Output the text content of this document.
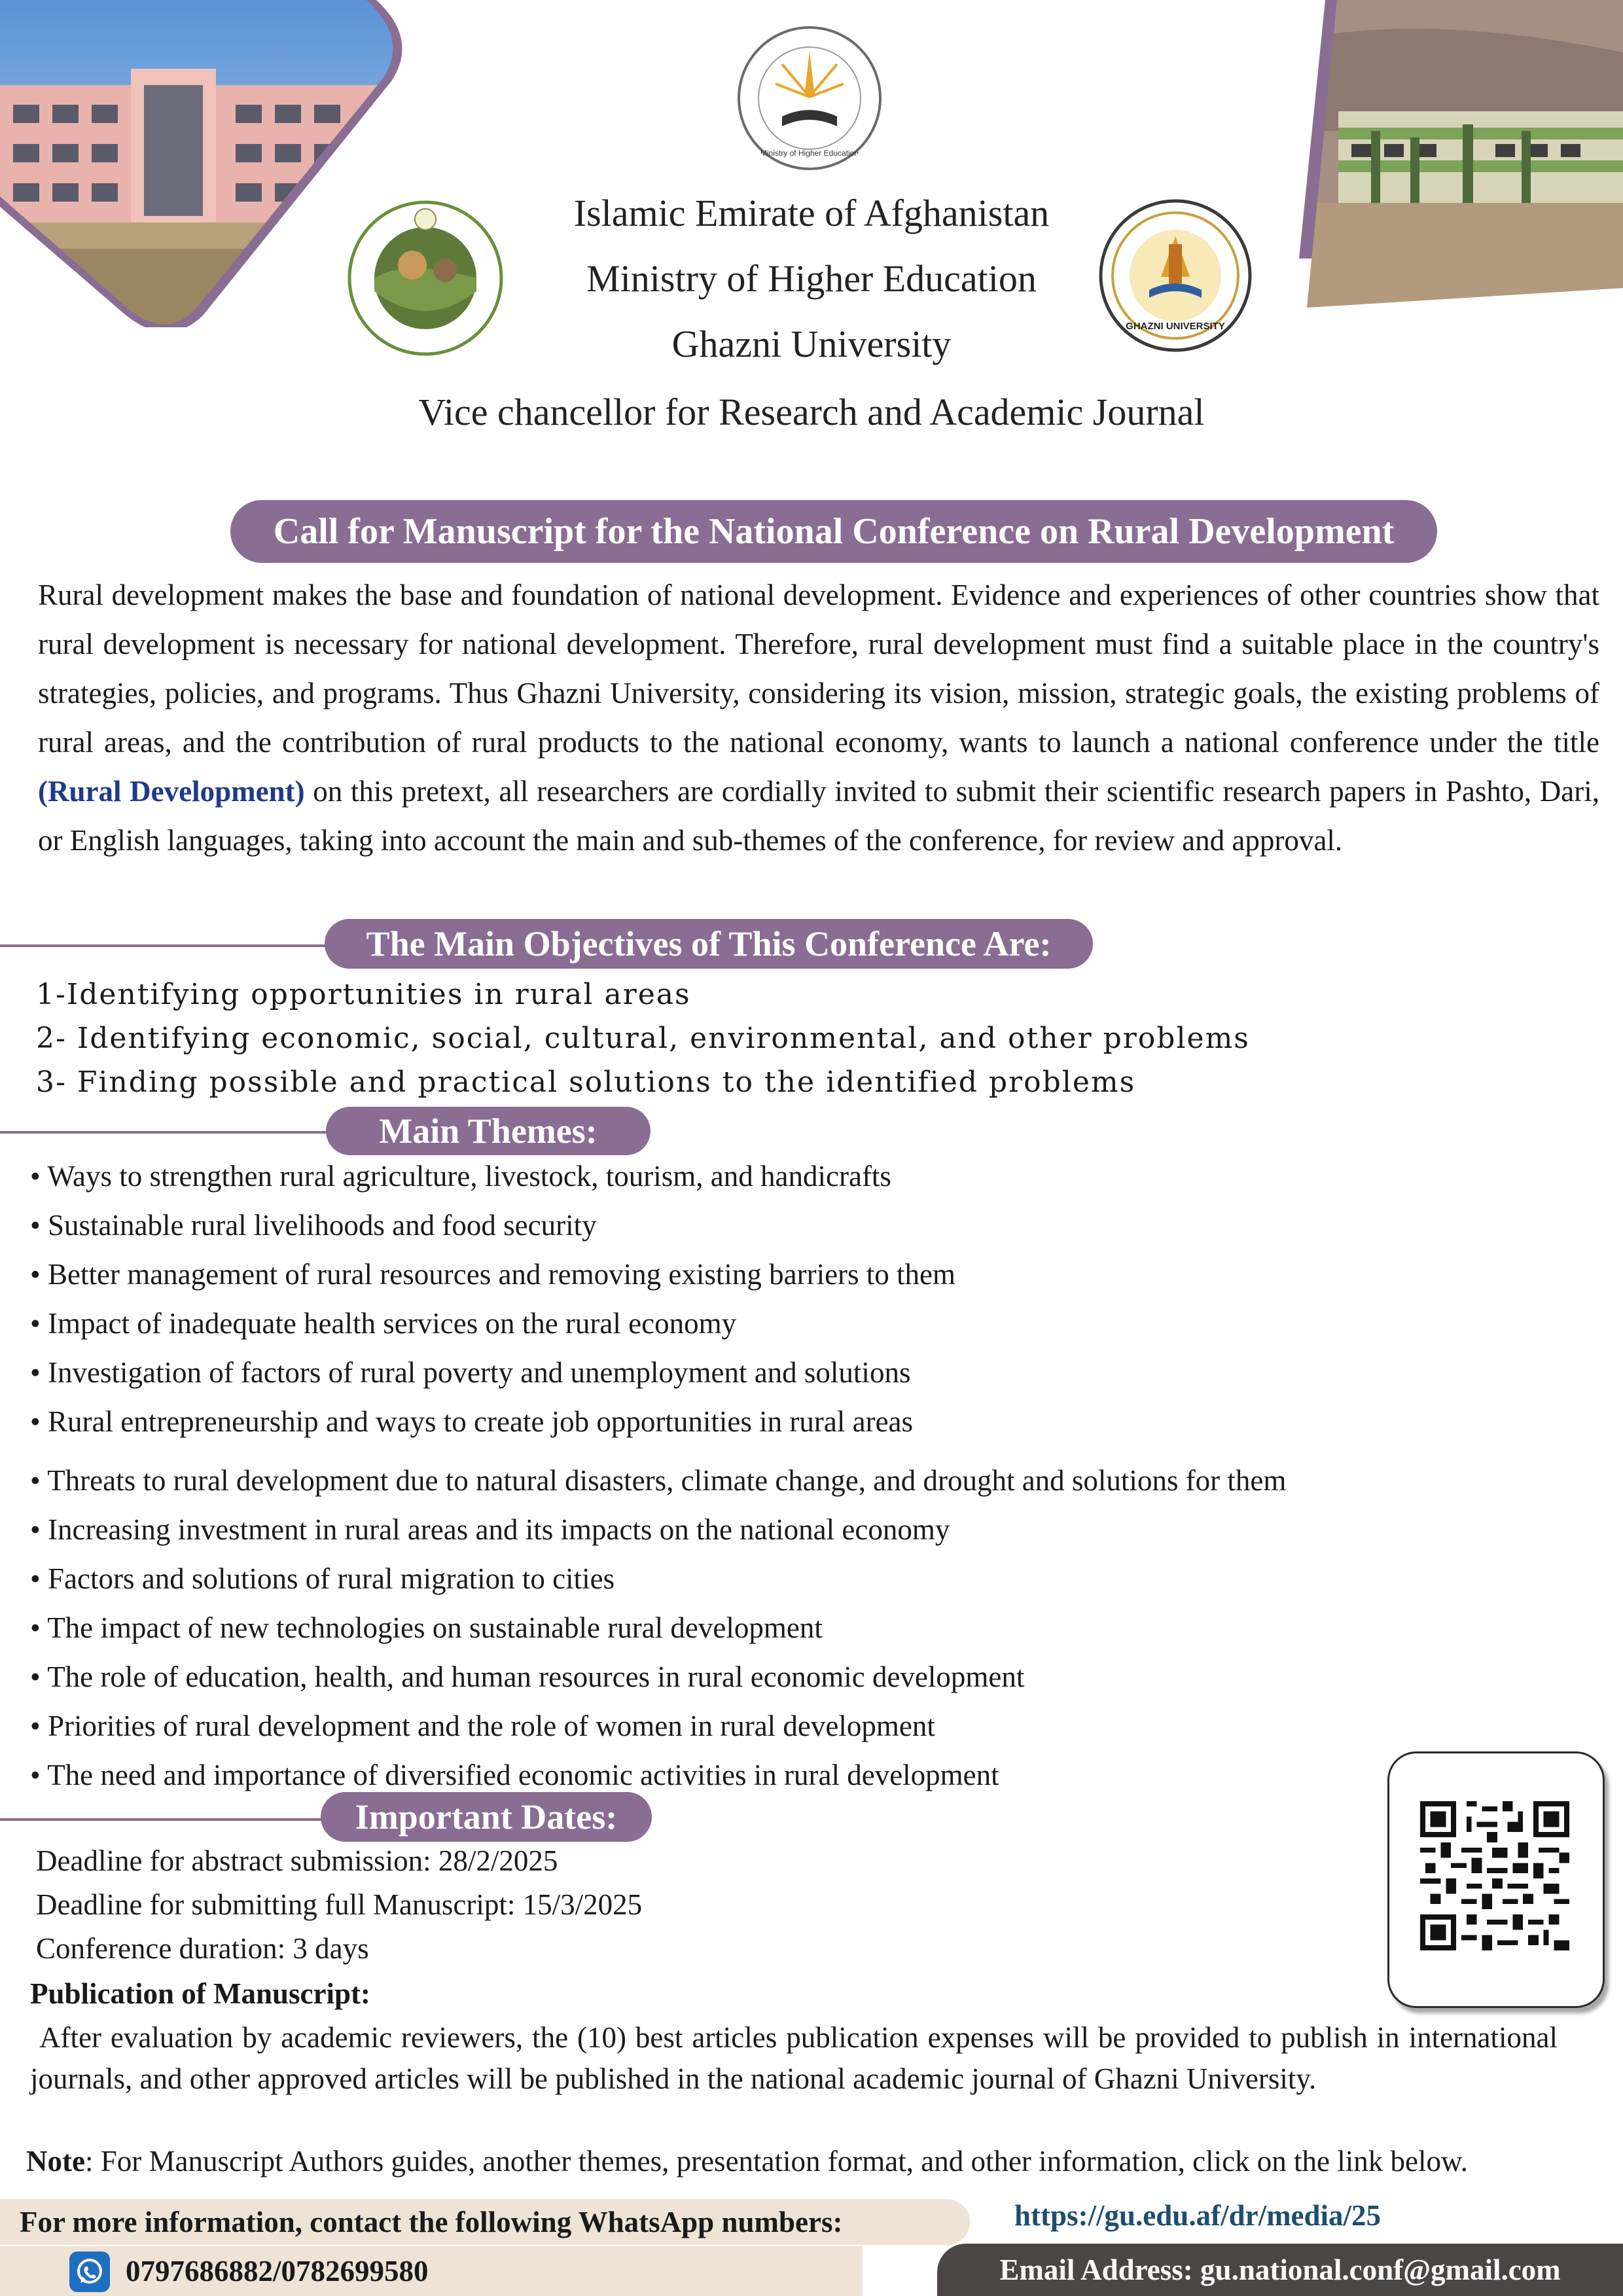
Ministry of Higher Education
GHAZNI UNIVERSITY
Islamic Emirate of Afghanistan
Ministry of Higher Education
Ghazni University
Vice chancellor for Research and Academic Journal
Call for Manuscript for the National Conference on Rural Development
Rural development makes the base and foundation of national development. Evidence and experiences of other countries show that rural development is necessary for national development. Therefore, rural development must find a suitable place in the country's strategies, policies, and programs. Thus Ghazni University, considering its vision, mission, strategic goals, the existing problems of rural areas, and the contribution of rural products to the national economy, wants to launch a national conference under the title (Rural Development) on this pretext, all researchers are cordially invited to submit their scientific research papers in Pashto, Dari, or English languages, taking into account the main and sub-themes of the conference, for review and approval.
The Main Objectives of This Conference Are:
1-Identifying opportunities in rural areas
2- Identifying economic, social, cultural, environmental, and other problems
3- Finding possible and practical solutions to the identified problems
Main Themes:
• Ways to strengthen rural agriculture, livestock, tourism, and handicrafts
• Sustainable rural livelihoods and food security
• Better management of rural resources and removing existing barriers to them
• Impact of inadequate health services on the rural economy
• Investigation of factors of rural poverty and unemployment and solutions
• Rural entrepreneurship and ways to create job opportunities in rural areas
• Threats to rural development due to natural disasters, climate change, and drought and solutions for them
• Increasing investment in rural areas and its impacts on the national economy
• Factors and solutions of rural migration to cities
• The impact of new technologies on sustainable rural development
• The role of education, health, and human resources in rural economic development
• Priorities of rural development and the role of women in rural development
• The need and importance of diversified economic activities in rural development
Important Dates:
Deadline for abstract submission: 28/2/2025
Deadline for submitting full Manuscript: 15/3/2025
Conference duration: 3 days
Publication of Manuscript:
After evaluation by academic reviewers, the (10) best articles publication expenses will be provided to publish in international journals, and other approved articles will be published in the national academic journal of Ghazni University.
Note: For Manuscript Authors guides, another themes, presentation format, and other information, click on the link below.
For more information, contact the following WhatsApp numbers:	https://gu.edu.af/dr/media/25
0797686882/0782699580	Email Address: gu.national.conf@gmail.com
